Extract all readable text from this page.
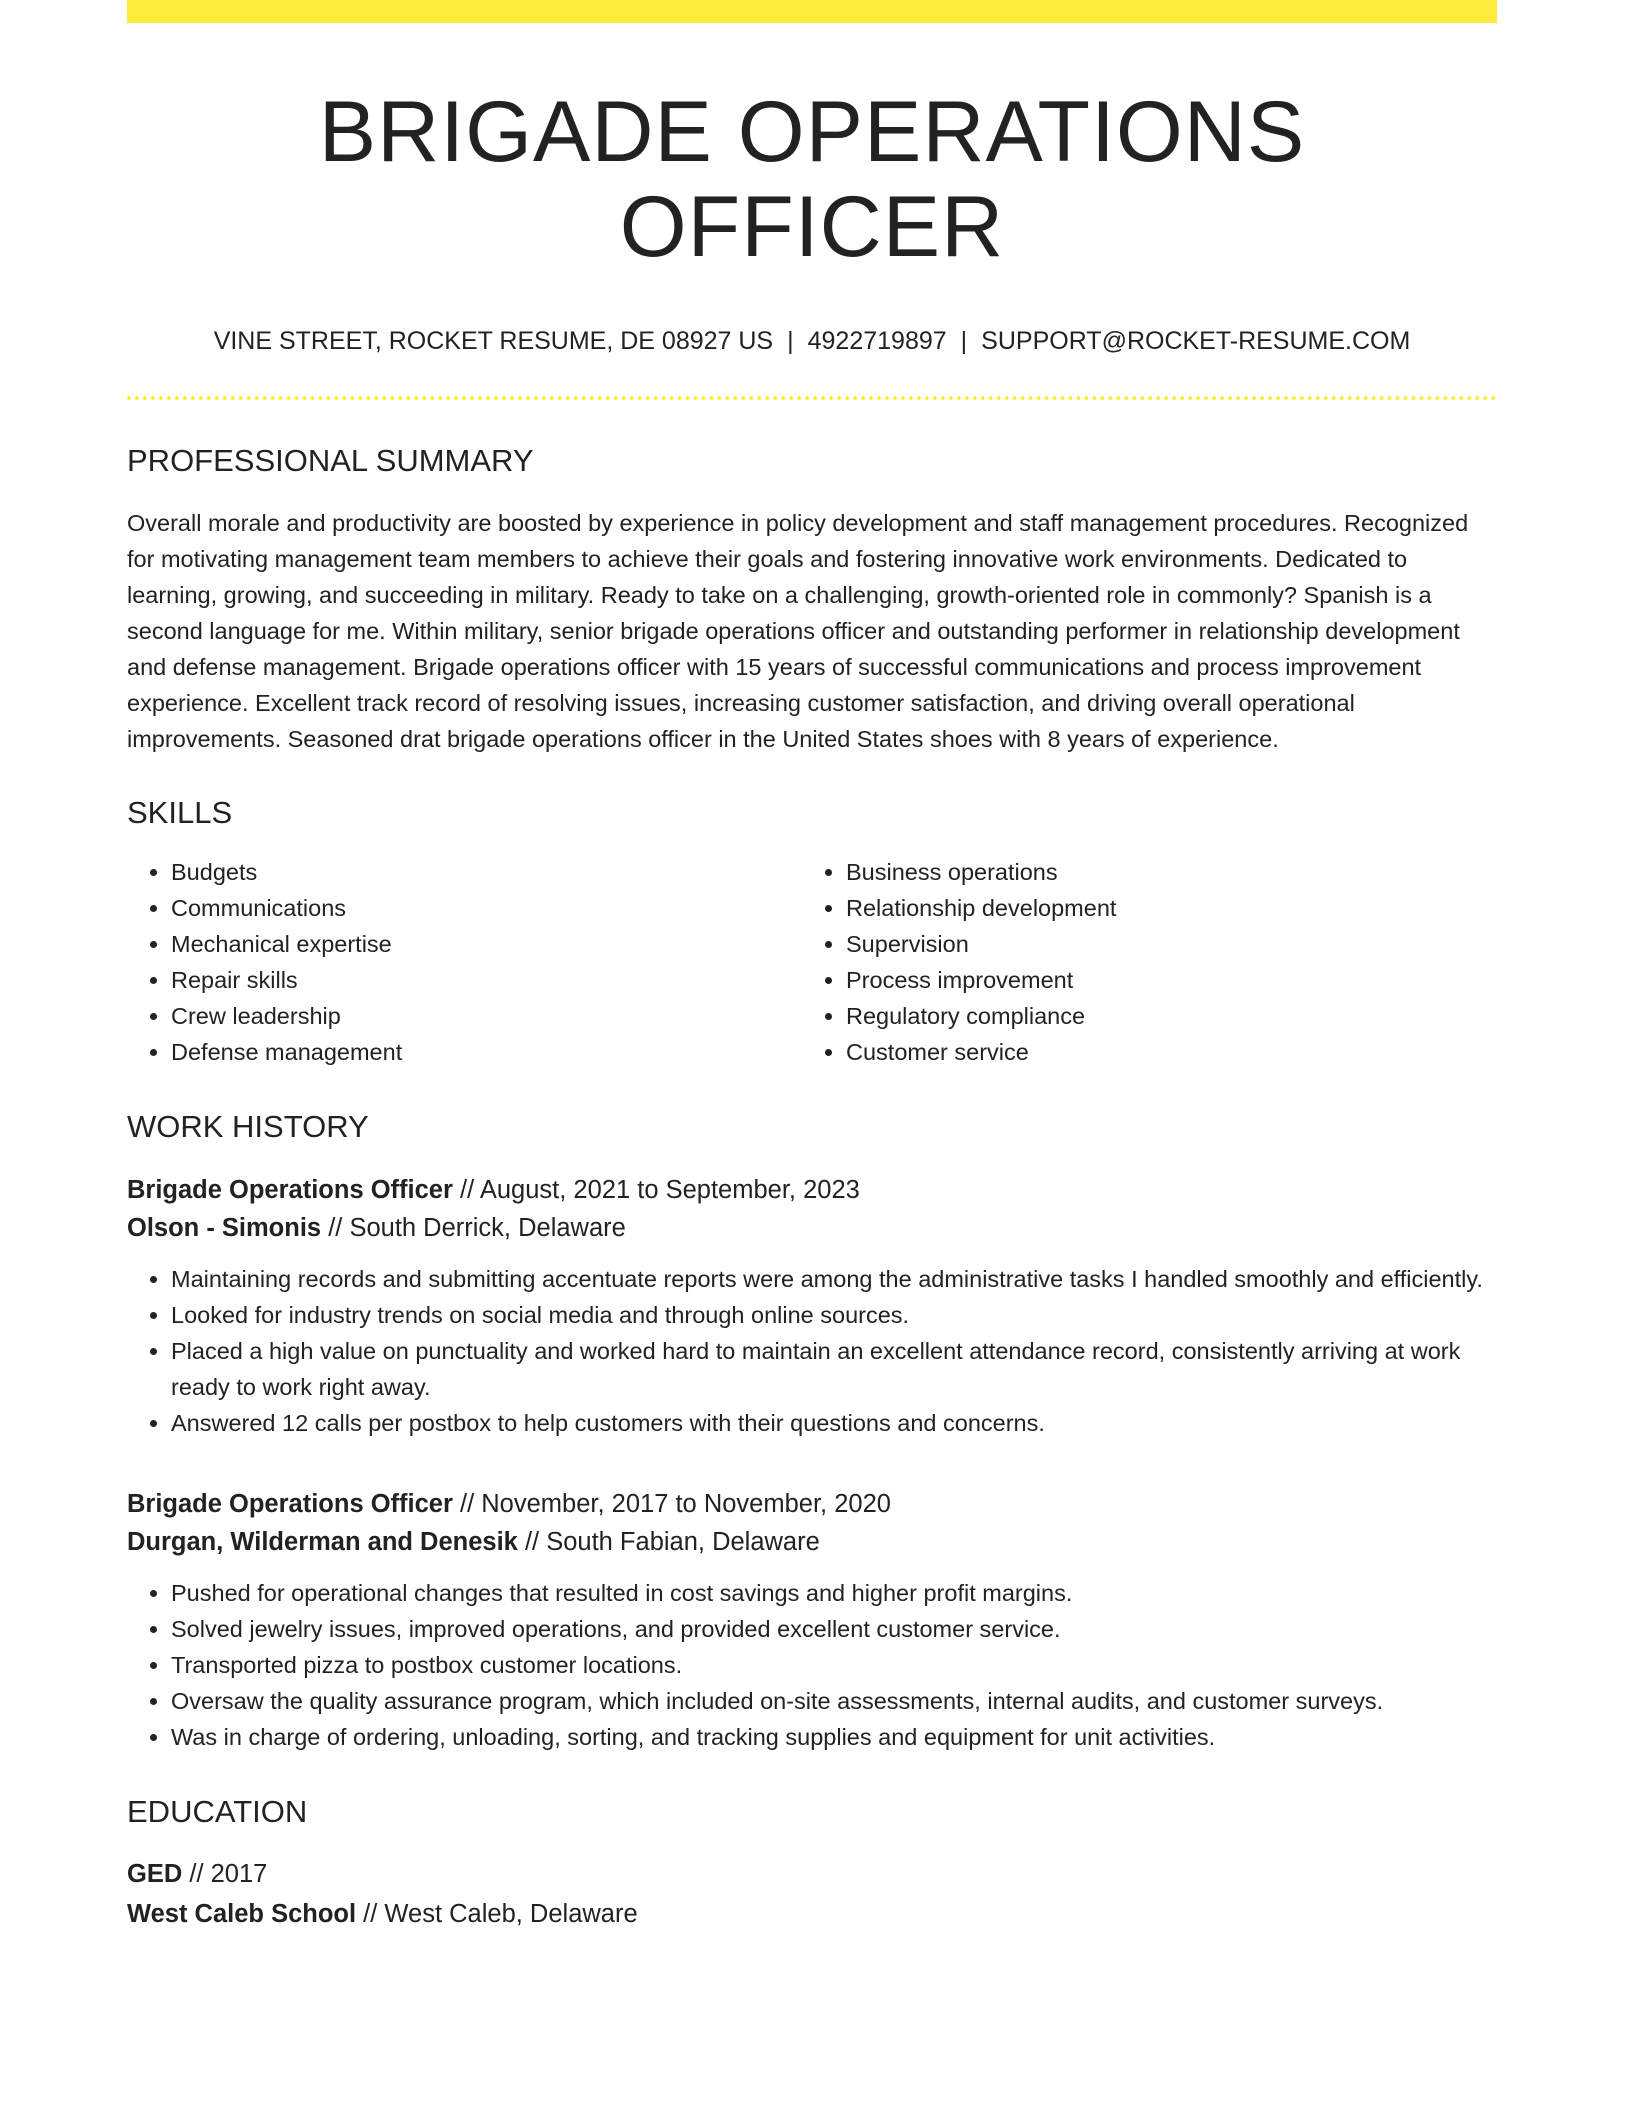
BRIGADE OPERATIONS OFFICER
VINE STREET, ROCKET RESUME, DE 08927 US | 4922719897 | SUPPORT@ROCKET-RESUME.COM
PROFESSIONAL SUMMARY

Overall morale and productivity are boosted by experience in policy development and staff management procedures. Recognized for motivating management team members to achieve their goals and fostering innovative work environments. Dedicated to learning, growing, and succeeding in military. Ready to take on a challenging, growth-oriented role in commonly? Spanish is a second language for me. Within military, senior brigade operations officer and outstanding performer in relationship development and defense management. Brigade operations officer with 15 years of successful communications and process improvement experience. Excellent track record of resolving issues, increasing customer satisfaction, and driving overall operational improvements. Seasoned drat brigade operations officer in the United States shoes with 8 years of experience.

SKILLS
• Budgets
• Communications
• Mechanical expertise
• Repair skills
• Crew leadership
• Defense management
• Business operations
• Relationship development
• Supervision
• Process improvement
• Regulatory compliance
• Customer service
WORK HISTORY
Brigade Operations Officer // August, 2021 to September, 2023
Olson - Simonis // South Derrick, Delaware
• Maintaining records and submitting accentuate reports were among the administrative tasks I handled smoothly and efficiently.
• Looked for industry trends on social media and through online sources.
• Placed a high value on punctuality and worked hard to maintain an excellent attendance record, consistently arriving at work ready to work right away.
• Answered 12 calls per postbox to help customers with their questions and concerns.
Brigade Operations Officer // November, 2017 to November, 2020
Durgan, Wilderman and Denesik // South Fabian, Delaware
• Pushed for operational changes that resulted in cost savings and higher profit margins.
• Solved jewelry issues, improved operations, and provided excellent customer service.
• Transported pizza to postbox customer locations.
• Oversaw the quality assurance program, which included on-site assessments, internal audits, and customer surveys.
• Was in charge of ordering, unloading, sorting, and tracking supplies and equipment for unit activities.
EDUCATION
GED // 2017
West Caleb School // West Caleb, Delaware
